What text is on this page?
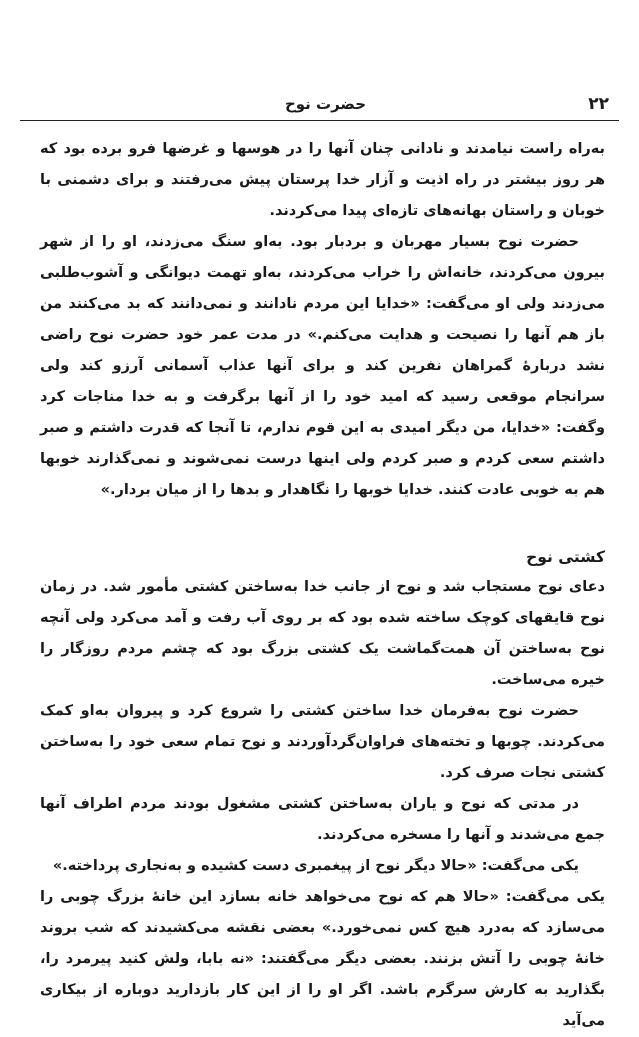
۲۲
حضرت نوح

به‌راه راست نیامدند و نادانی چنان آنها را در هوسها و غرضها فرو برده بود که هر روز بیشتر در راه اذیت و آزار خدا پرستان پیش می‌رفتند و برای دشمنی با خوبان و راستان بهانه‌های تازه‌ای پیدا می‌کردند.

حضرت نوح بسیار مهربان و بردبار بود. به‌او سنگ می‌زدند، او را از شهر بیرون می‌کردند، خانه‌اش را خراب می‌کردند، به‌او تهمت دیوانگی و آشوب‌طلبی می‌زدند ولی او می‌گفت: «خدایا این مردم نادانند و نمی‌دانند که بد می‌کنند من باز هم آنها را نصیحت و هدایت می‌کنم.» در مدت عمر خود حضرت نوح راضی نشد دربارهٔ گمراهان نفرین کند و برای آنها عذاب آسمانی آرزو کند ولی سرانجام موقعی رسید که امید خود را از آنها برگرفت و به خدا مناجات کرد وگفت: «خدایا، من دیگر امیدی به این قوم ندارم، تا آنجا که قدرت داشتم و صبر داشتم سعی کردم و صبر کردم ولی اینها درست نمی‌شوند و نمی‌گذارند خوبها هم به خوبی عادت کنند. خدایا خوبها را نگاهدار و بدها را از میان بردار.»

کشتی نوح

دعای نوح مستجاب شد و نوح از جانب خدا به‌ساختن کشتی مأمور شد. در زمان نوح قایقهای کوچک ساخته شده بود که بر روی آب رفت و آمد می‌کرد ولی آنچه نوح به‌ساختن آن همت‌گماشت یک کشتی بزرگ بود که چشم مردم روزگار را خیره می‌ساخت.

حضرت نوح به‌فرمان خدا ساختن کشتی را شروع کرد و پیروان به‌او کمک می‌کردند. چوبها و تخته‌های فراوان‌گردآوردند و نوح تمام سعی خود را به‌ساختن کشتی نجات صرف کرد.

در مدتی که نوح و یاران به‌ساختن کشتی مشغول بودند مردم اطراف آنها جمع می‌شدند و آنها را مسخره می‌کردند.

یکی می‌گفت: «حالا دیگر نوح از پیغمبری دست کشیده و به‌نجاری پرداخته.»

یکی می‌گفت: «حالا هم که نوح می‌خواهد خانه بسازد این خانهٔ بزرگ چوبی را می‌سازد که به‌درد هیچ کس نمی‌خورد.» بعضی نقشه می‌کشیدند که شب بروند خانهٔ چوبی را آتش بزنند. بعضی دیگر می‌گفتند: «نه بابا، ولش کنید پیرمرد را، بگذارید به کارش سرگرم باشد. اگر او را از این کار بازدارید دوباره از بیکاری می‌آید
